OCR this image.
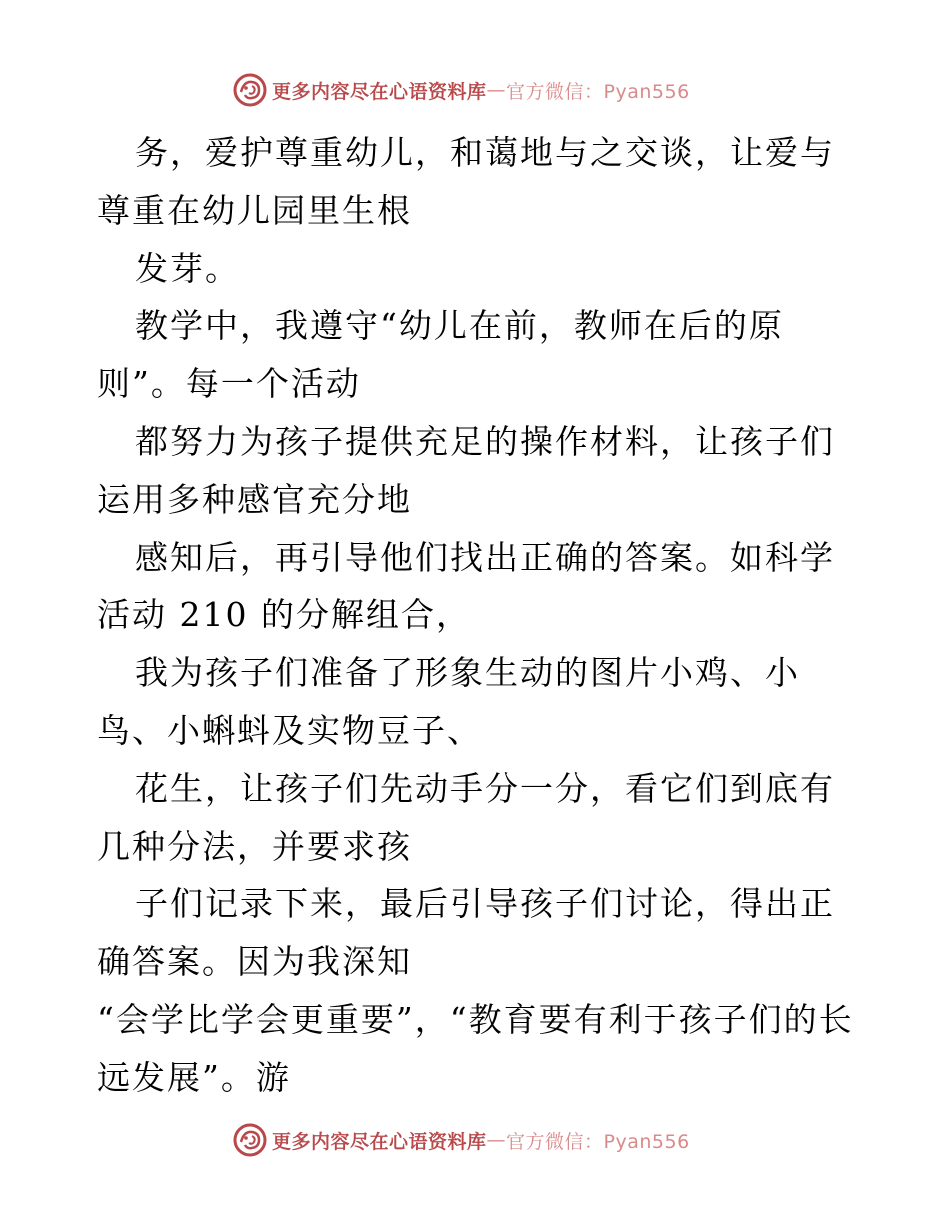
更多内容尽在心语资料库 — 官方微信：Pyan556

务，爱护尊重幼儿，和蔼地与之交谈，让爱与尊重在幼儿园里生根

发芽。

教学中，我遵守“幼儿在前，教师在后的原则”。每一个活动

都努力为孩子提供充足的操作材料，让孩子们运用多种感官充分地

感知后，再引导他们找出正确的答案。如科学活动 210 的分解组合，

我为孩子们准备了形象生动的图片小鸡、小鸟、小蝌蚪及实物豆子、

花生，让孩子们先动手分一分，看它们到底有几种分法，并要求孩

子们记录下来，最后引导孩子们讨论，得出正确答案。因为我深知

“会学比学会更重要”，“教育要有利于孩子们的长远发展”。游

更多内容尽在心语资料库 — 官方微信：Pyan556
